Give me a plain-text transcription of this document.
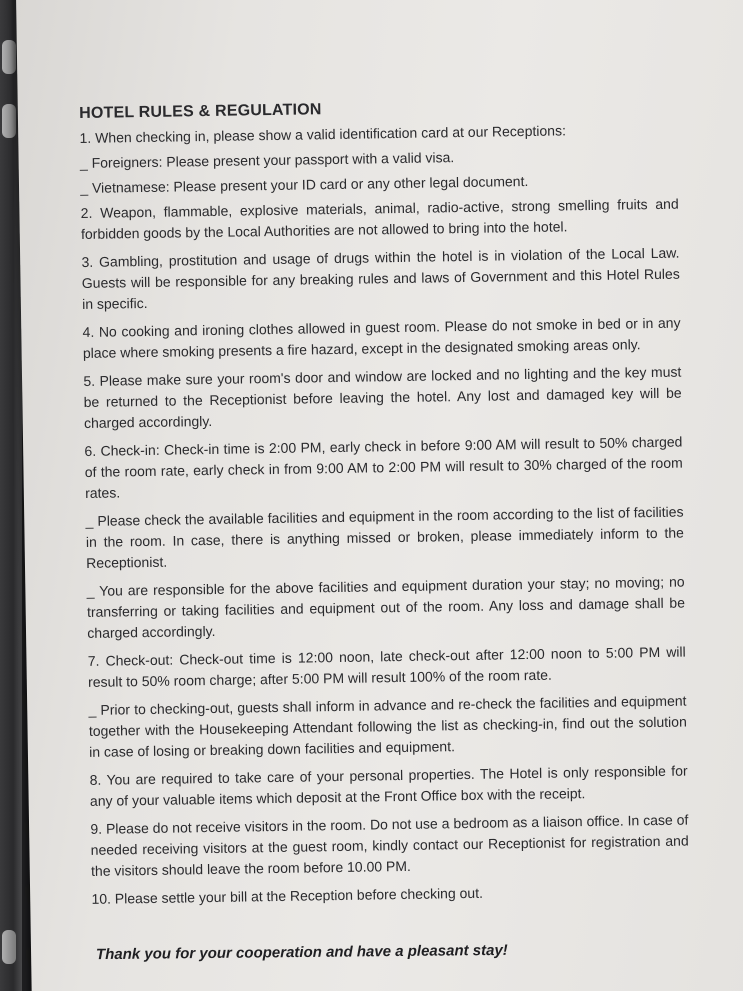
HOTEL RULES & REGULATION
1. When checking in, please show a valid identification card at our Receptions:
_ Foreigners: Please present your passport with a valid visa.
_ Vietnamese: Please present your ID card or any other legal document.
2. Weapon, flammable, explosive materials, animal, radio-active, strong smelling fruits and forbidden goods by the Local Authorities are not allowed to bring into the hotel.
3. Gambling, prostitution and usage of drugs within the hotel is in violation of the Local Law. Guests will be responsible for any breaking rules and laws of Government and this Hotel Rules in specific.
4. No cooking and ironing clothes allowed in guest room. Please do not smoke in bed or in any place where smoking presents a fire hazard, except in the designated smoking areas only.
5. Please make sure your room's door and window are locked and no lighting and the key must be returned to the Receptionist before leaving the hotel. Any lost and damaged key will be charged accordingly.
6. Check-in: Check-in time is 2:00 PM, early check in before 9:00 AM will result to 50% charged of the room rate, early check in from 9:00 AM to 2:00 PM will result to 30% charged of the room rates.
_ Please check the available facilities and equipment in the room according to the list of facilities in the room. In case, there is anything missed or broken, please immediately inform to the Receptionist.
_ You are responsible for the above facilities and equipment duration your stay; no moving; no transferring or taking facilities and equipment out of the room. Any loss and damage shall be charged accordingly.
7. Check-out: Check-out time is 12:00 noon, late check-out after 12:00 noon to 5:00 PM will result to 50% room charge; after 5:00 PM will result 100% of the room rate.
_ Prior to checking-out, guests shall inform in advance and re-check the facilities and equipment together with the Housekeeping Attendant following the list as checking-in, find out the solution in case of losing or breaking down facilities and equipment.
8. You are required to take care of your personal properties. The Hotel is only responsible for any of your valuable items which deposit at the Front Office box with the receipt.
9. Please do not receive visitors in the room. Do not use a bedroom as a liaison office. In case of needed receiving visitors at the guest room, kindly contact our Receptionist for registration and the visitors should leave the room before 10.00 PM.
10. Please settle your bill at the Reception before checking out.
Thank you for your cooperation and have a pleasant stay!
